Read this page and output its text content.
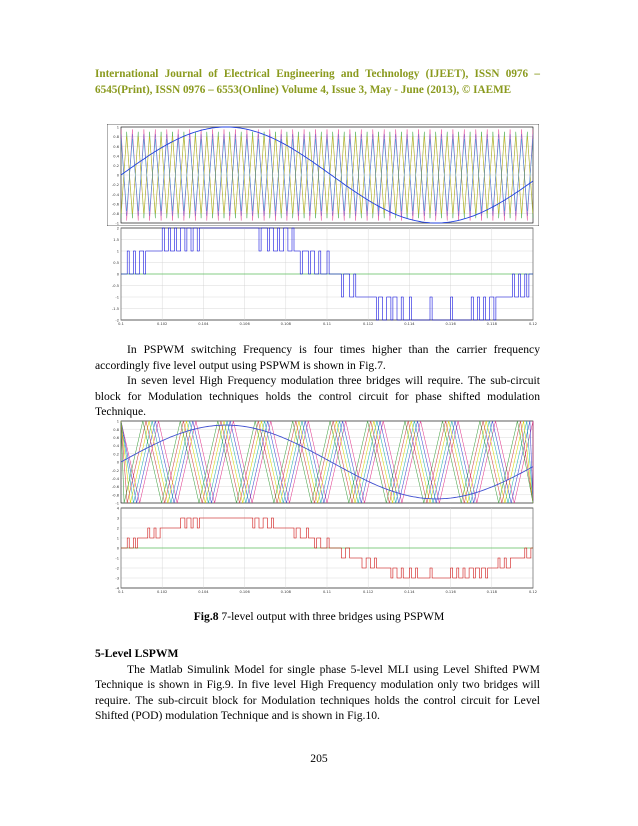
International Journal of Electrical Engineering and Technology (IJEET), ISSN 0976 –
6545(Print), ISSN 0976 – 6553(Online) Volume 4, Issue 3, May - June (2013), © IAEME
1
0.8
0.6
0.4
0.2
0
-0.2
-0.4
-0.6
-0.8
-1
2
1.5
1
0.5
0
-0.5
-1
-1.5
-2
0.1	0.102	0.104	0.106	0.108	0.11	0.112	0.114	0.116	0.118	0.12

In PSPWM switching Frequency is four times higher than the carrier frequency accordingly five level output using PSPWM is shown in Fig.7.

In seven level High Frequency modulation three bridges will require. The sub-circuit block for Modulation techniques holds the control circuit for phase shifted modulation Technique.

1
0.8
0.6
0.4
0.2
0
-0.2
-0.4
-0.6
-0.8
-1
4
3
2
1
0
-1
-2
-3
-4
0.1	0.102	0.104	0.106	0.108	0.11	0.112	0.114	0.116	0.118	0.12
Fig.8 7-level output with three bridges using PSPWM

5-Level LSPWM

The Matlab Simulink Model for single phase 5-level MLI using Level Shifted PWM Technique is shown in Fig.9. In five level High Frequency modulation only two bridges will require. The sub-circuit block for Modulation techniques holds the control circuit for Level Shifted (POD) modulation Technique and is shown in Fig.10.

205
